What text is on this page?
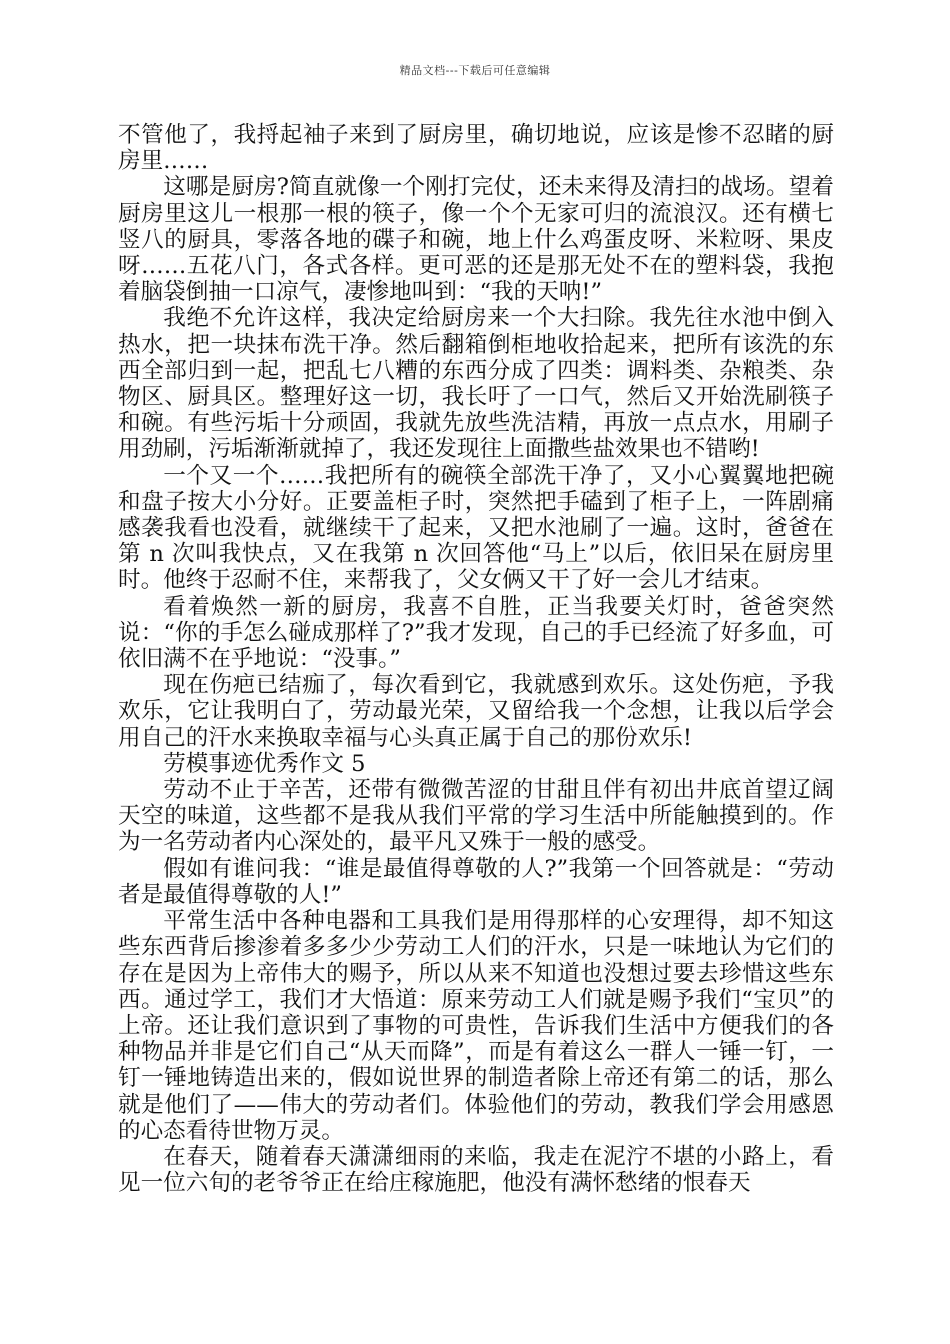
精品文档---下载后可任意编辑

不管他了，我捋起袖子来到了厨房里，确切地说，应该是惨不忍睹的厨房里……

这哪是厨房?简直就像一个刚打完仗，还未来得及清扫的战场。望着厨房里这儿一根那一根的筷子，像一个个无家可归的流浪汉。还有横七竖八的厨具，零落各地的碟子和碗，地上什么鸡蛋皮呀、米粒呀、果皮呀……五花八门，各式各样。更可恶的还是那无处不在的塑料袋，我抱着脑袋倒抽一口凉气，凄惨地叫到：“我的天呐!”

我绝不允许这样，我决定给厨房来一个大扫除。我先往水池中倒入热水，把一块抹布洗干净。然后翻箱倒柜地收拾起来，把所有该洗的东西全部归到一起，把乱七八糟的东西分成了四类：调料类、杂粮类、杂物区、厨具区。整理好这一切，我长吁了一口气，然后又开始洗刷筷子和碗。有些污垢十分顽固，我就先放些洗洁精，再放一点点水，用刷子用劲刷，污垢渐渐就掉了，我还发现往上面撒些盐效果也不错哟!

一个又一个……我把所有的碗筷全部洗干净了，又小心翼翼地把碗和盘子按大小分好。正要盖柜子时，突然把手磕到了柜子上，一阵剧痛感袭我看也没看，就继续干了起来，又把水池刷了一遍。这时，爸爸在第 n 次叫我快点，又在我第 n 次回答他“马上”以后，依旧呆在厨房里时。他终于忍耐不住，来帮我了，父女俩又干了好一会儿才结束。

看着焕然一新的厨房，我喜不自胜，正当我要关灯时，爸爸突然说：“你的手怎么碰成那样了?”我才发现，自己的手已经流了好多血，可依旧满不在乎地说：“没事。”

现在伤疤已结痂了，每次看到它，我就感到欢乐。这处伤疤，予我欢乐，它让我明白了，劳动最光荣，又留给我一个念想，让我以后学会用自己的汗水来换取幸福与心头真正属于自己的那份欢乐!

劳模事迹优秀作文 5

劳动不止于辛苦，还带有微微苦涩的甘甜且伴有初出井底首望辽阔天空的味道，这些都不是我从我们平常的学习生活中所能触摸到的。作为一名劳动者内心深处的，最平凡又殊于一般的感受。

假如有谁问我：“谁是最值得尊敬的人?”我第一个回答就是：“劳动者是最值得尊敬的人!”

平常生活中各种电器和工具我们是用得那样的心安理得，却不知这些东西背后掺渗着多多少少劳动工人们的汗水，只是一味地认为它们的存在是因为上帝伟大的赐予，所以从来不知道也没想过要去珍惜这些东西。通过学工，我们才大悟道：原来劳动工人们就是赐予我们“宝贝”的上帝。还让我们意识到了事物的可贵性，告诉我们生活中方便我们的各种物品并非是它们自己“从天而降”，而是有着这么一群人一锤一钉，一钉一锤地铸造出来的，假如说世界的制造者除上帝还有第二的话，那么就是他们了——伟大的劳动者们。体验他们的劳动，教我们学会用感恩的心态看待世物万灵。

在春天，随着春天潇潇细雨的来临，我走在泥泞不堪的小路上，看见一位六旬的老爷爷正在给庄稼施肥，他没有满怀愁绪的恨春天
